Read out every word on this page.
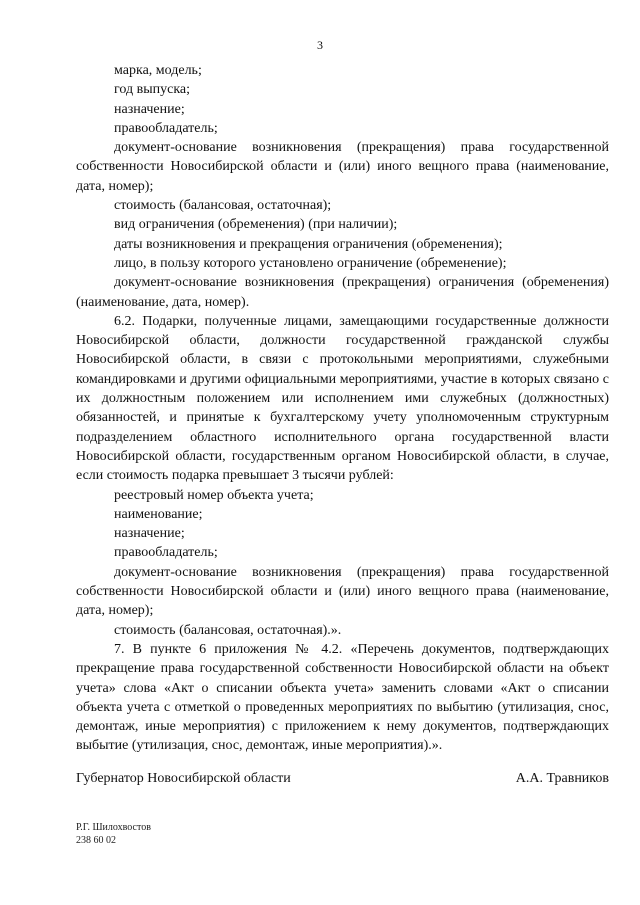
3

марка, модель;

год выпуска;

назначение;

правообладатель;

документ-основание возникновения (прекращения) права государственной собственности Новосибирской области и (или) иного вещного права (наименование, дата, номер);

стоимость (балансовая, остаточная);

вид ограничения (обременения) (при наличии);

даты возникновения и прекращения ограничения (обременения);

лицо, в пользу которого установлено ограничение (обременение);

документ-основание возникновения (прекращения) ограничения (обременения) (наименование, дата, номер).

6.2. Подарки, полученные лицами, замещающими государственные должности Новосибирской области, должности государственной гражданской службы Новосибирской области, в связи с протокольными мероприятиями, служебными командировками и другими официальными мероприятиями, участие в которых связано с их должностным положением или исполнением ими служебных (должностных) обязанностей, и принятые к бухгалтерскому учету уполномоченным структурным подразделением областного исполнительного органа государственной власти Новосибирской области, государственным органом Новосибирской области, в случае, если стоимость подарка превышает 3 тысячи рублей:

реестровый номер объекта учета;

наименование;

назначение;

правообладатель;

документ-основание возникновения (прекращения) права государственной собственности Новосибирской области и (или) иного вещного права (наименование, дата, номер);

стоимость (балансовая, остаточная).».

7. В пункте 6 приложения № 4.2. «Перечень документов, подтверждающих прекращение права государственной собственности Новосибирской области на объект учета» слова «Акт о списании объекта учета» заменить словами «Акт о списании объекта учета с отметкой о проведенных мероприятиях по выбытию (утилизация, снос, демонтаж, иные мероприятия) с приложением к нему документов, подтверждающих выбытие (утилизация, снос, демонтаж, иные мероприятия).».

Губернатор Новосибирской области	А.А. Травников
Р.Г. Шилохвостов
238 60 02
